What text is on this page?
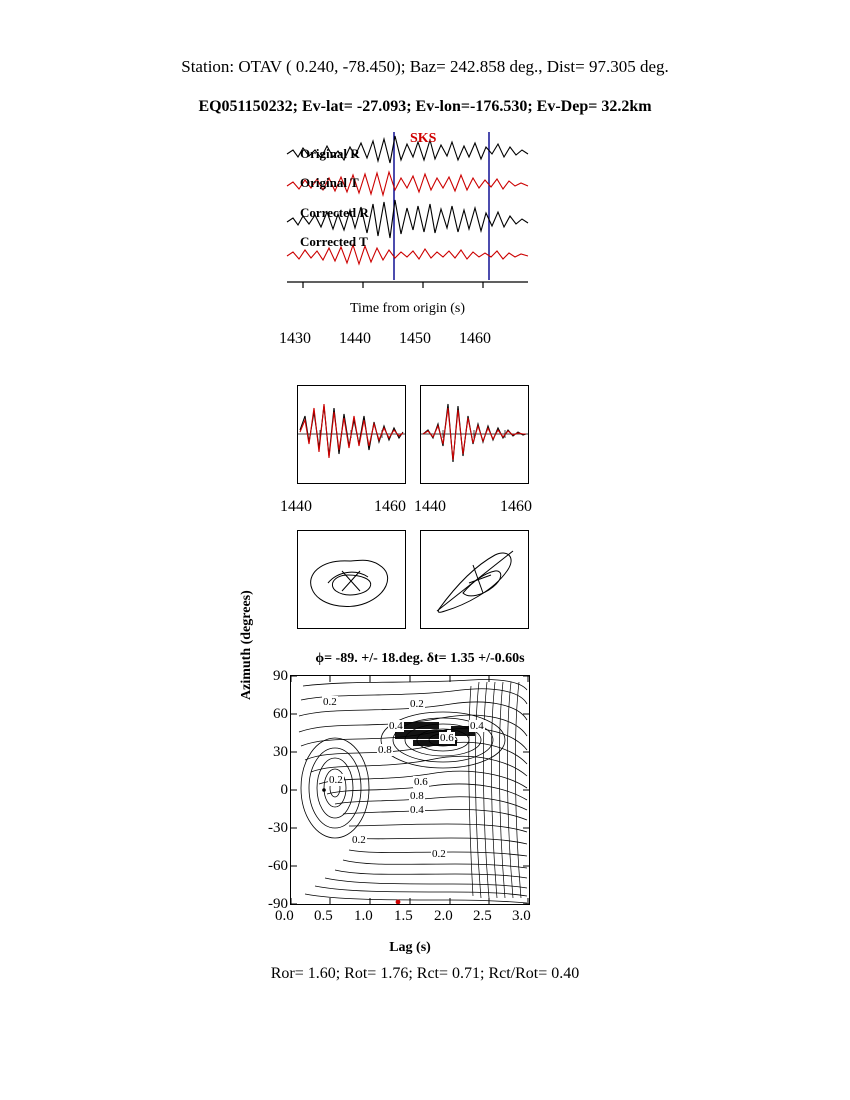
Station: OTAV ( 0.240, -78.450); Baz= 242.858 deg., Dist= 97.305 deg.
EQ051150232; Ev-lat= -27.093; Ev-lon=-176.530; Ev-Dep= 32.2km
SKS
Original R
Original T
Corrected R
Corrected T
Time from origin (s)
1430 1440 1450 1460
1440	1460 1440	1460
ϕ= -89. +/- 18.deg. δt= 1.35 +/-0.60s
Azimuth (degrees) 90
60
30
0
-30
-60
-90
0.2	0.2
0.4	0.4
0.6
0.8
0.2	0.6
0.8
0.4
0.2
0.2
0.0 0.5 1.0 1.5 2.0 2.5 3.0
Lag (s)
Ror= 1.60; Rot= 1.76; Rct= 0.71; Rct/Rot= 0.40
